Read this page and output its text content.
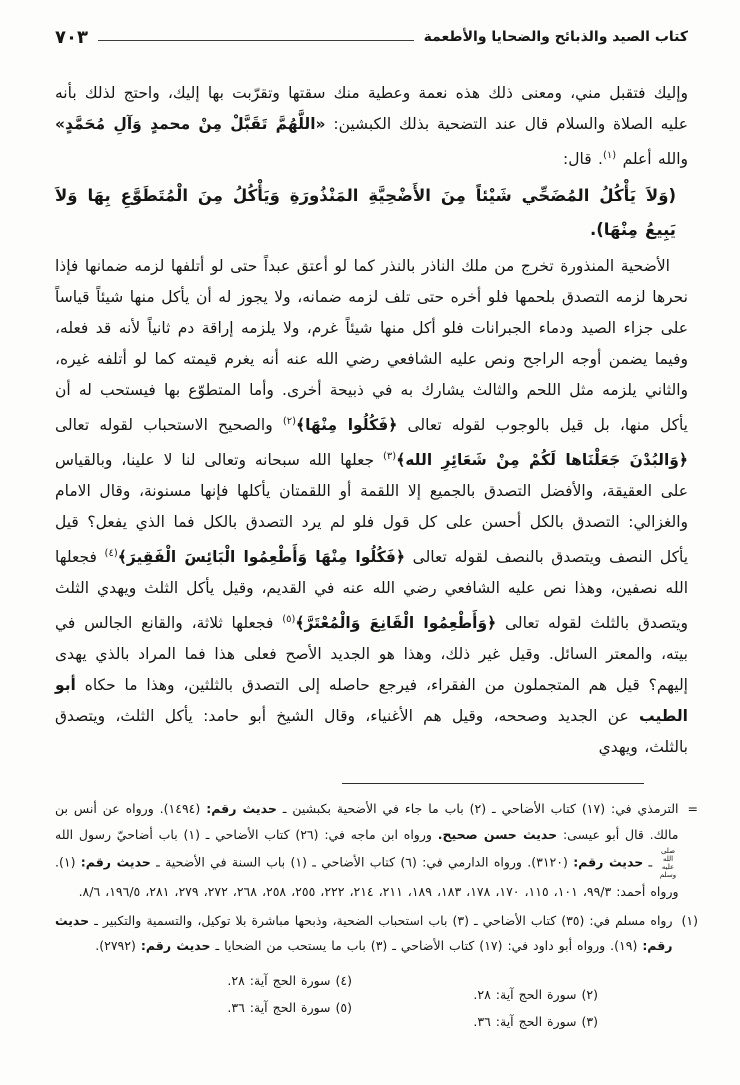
كتاب الصيد والذبائح والضحايا والأطعمة
٧٠٣

وإليك فتقبل مني، ومعنى ذلك هذه نعمة وعطية منك سقتها وتقرّبت بها إليك، واحتج لذلك بأنه عليه الصلاة والسلام قال عند التضحية بذلك الكبشين: «اللَّهُمَّ تَقَبَّلْ مِنْ محمدٍ وَآلِ مُحَمَّدٍ» والله أعلم $^{(١)}$. قال:

(وَلاَ يَأْكُلُ المُضَحِّي شَيْئاً مِنَ الأَضْحِيَّةِ المَنْذُورَةِ وَيَأْكُلُ مِنَ الْمُتَطَوَّعِ بِهَا وَلاَ يَبِيعُ مِنْهَا).

الأضحية المنذورة تخرج من ملك الناذر بالنذر كما لو أعتق عبداً حتى لو أتلفها لزمه ضمانها فإذا نحرها لزمه التصدق بلحمها فلو أخره حتى تلف لزمه ضمانه، ولا يجوز له أن يأكل منها شيئاً قياساً على جزاء الصيد ودماء الجبرانات فلو أكل منها شيئاً غرم، ولا يلزمه إراقة دم ثانياً لأنه قد فعله، وفيما يضمن أوجه الراجح ونص عليه الشافعي رضي الله عنه أنه يغرم قيمته كما لو أتلفه غيره، والثاني يلزمه مثل اللحم والثالث يشارك به في ذبيحة أخرى. وأما المتطوّع بها فيستحب له أن يأكل منها، بل قيل بالوجوب لقوله تعالى ﴿فَكُلُوا مِنْهَا﴾$^{(٢)}$ والصحيح الاستحباب لقوله تعالى ﴿وَالبُدْنَ جَعَلْنَاها لَكُمْ مِنْ شَعَائِرِ الله﴾$^{(٣)}$ جعلها الله سبحانه وتعالى لنا لا علينا، وبالقياس على العقيقة، والأفضل التصدق بالجميع إلا اللقمة أو اللقمتان يأكلها فإنها مسنونة، وقال الامام والغزالي: التصدق بالكل أحسن على كل قول فلو لم يرد التصدق بالكل فما الذي يفعل؟ قيل يأكل النصف ويتصدق بالنصف لقوله تعالى ﴿فَكُلُوا مِنْهَا وَأَطْعِمُوا الْبَائِسَ الْفَقِيرَ﴾$^{(٤)}$ فجعلها الله نصفين، وهذا نص عليه الشافعي رضي الله عنه في القديم، وقيل يأكل الثلث ويهدي الثلث ويتصدق بالثلث لقوله تعالى ﴿وَأَطْعِمُوا الْقَانِعَ وَالْمُعْتَرَّ﴾$^{(٥)}$ فجعلها ثلاثة، والقانع الجالس في بيته، والمعتر السائل. وقيل غير ذلك، وهذا هو الجديد الأصح فعلى هذا فما المراد بالذي يهدى إليهم؟ قيل هم المتجملون من الفقراء، فيرجع حاصله إلى التصدق بالثلثين، وهذا ما حكاه أبو الطيب عن الجديد وصححه، وقيل هم الأغنياء، وقال الشيخ أبو حامد: يأكل الثلث، ويتصدق بالثلث، ويهدي

=
الترمذي في: (١٧) كتاب الأضاحي ـ (٢) باب ما جاء في الأضحية بكبشين ـ حديث رقم: (١٤٩٤). ورواه عن أنس بن مالك. قال أبو عيسى: حديث حسن صحيح. ورواه ابن ماجه في: (٢٦) كتاب الأضاحي ـ (١) باب أضاحيّ رسول الله صلى الله عليه وسلم ـ حديث رقم: (٣١٢٠). ورواه الدارمي في: (٦) كتاب الأضاحي ـ (١) باب السنة في الأضحية ـ حديث رقم: (١). ورواه أحمد: ٩٩/٣، ١٠١، ١١٥، ١٧٠، ١٧٨، ١٨٣، ١٨٩، ٢١١، ٢١٤، ٢٢٢، ٢٥٥، ٢٥٨، ٢٦٨، ٢٧٢، ٢٧٩، ٢٨١، ١٩٦/٥، ٨/٦.
(١)
رواه مسلم في: (٣٥) كتاب الأضاحي ـ (٣) باب استحباب الضحية، وذبحها مباشرة بلا توكيل، والتسمية والتكبير ـ حديث رقم: (١٩). ورواه أبو داود في: (١٧) كتاب الأضاحي ـ (٣) باب ما يستحب من الضحايا ـ حديث رقم: (٢٧٩٢).
(٢) سورة الحج آية: ٢٨.
(٣) سورة الحج آية: ٣٦.
(٤) سورة الحج آية: ٢٨.
(٥) سورة الحج آية: ٣٦.
